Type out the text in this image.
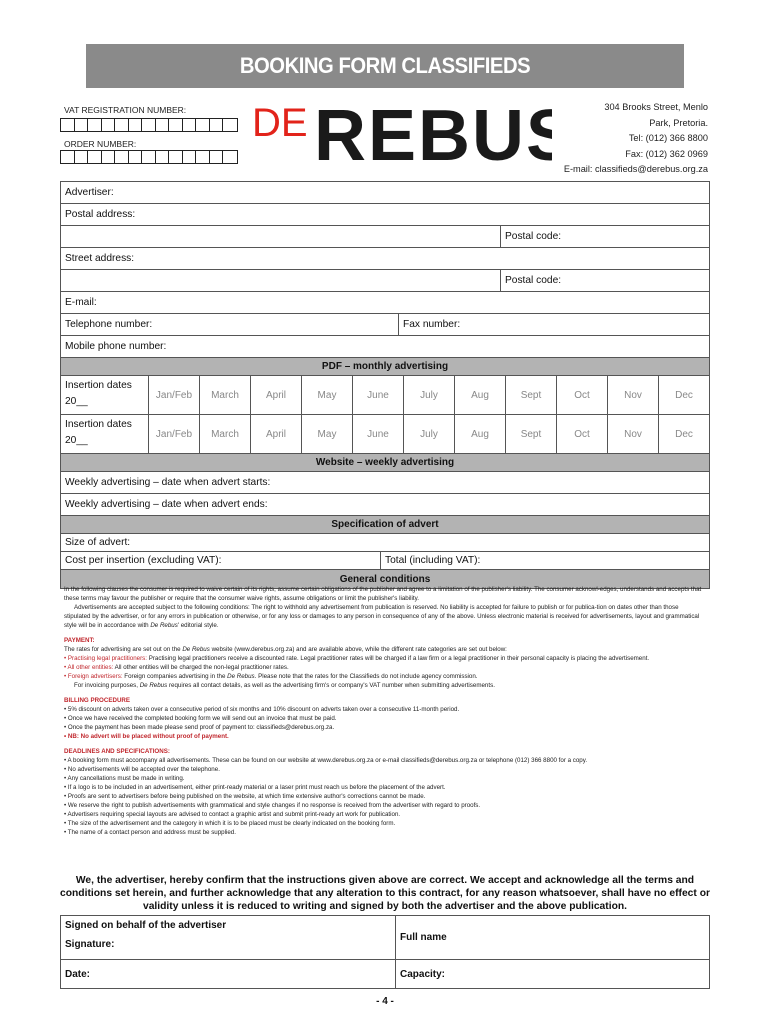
BOOKING FORM CLASSIFIEDS
VAT REGISTRATION NUMBER:
ORDER NUMBER:	DE REBUS	304 Brooks Street, Menlo
Park, Pretoria.
Tel: (012) 366 8800
Fax: (012) 362 0969
E-mail: classifieds@derebus.org.za
Advertiser:
Postal address:
Postal code:
Street address:
Postal code:
E-mail:
Telephone number:	Fax number:
Mobile phone number:
PDF – monthly advertising
Insertion dates
20__
Jan/Feb	March	April	May	June	July	Aug	Sept	Oct	Nov	Dec
Insertion dates
20__
Jan/Feb	March	April	May	June	July	Aug	Sept	Oct	Nov	Dec
Website – weekly advertising
Weekly advertising – date when advert starts:
Weekly advertising – date when advert ends:
Specification of advert
Size of advert:
Cost per insertion (excluding VAT):	Total (including VAT):
General conditions

In the following clauses the consumer is required to waive certain of its rights, assume certain obligations of the publisher and agree to a limitation of the publisher's liability. The consumer acknowl-edges, understands and accepts that these terms may favour the publisher or require that the consumer waive rights, assume obligations or limit the publisher's liability.

Advertisements are accepted subject to the following conditions: The right to withhold any advertisement from publication is reserved. No liability is accepted for failure to publish or for publica-tion on dates other than those stipulated by the advertiser, or for any errors in publication or otherwise, or for any loss or damages to any person in consequence of any of the above. Unless electronic material is received for advertisements, layout and grammatical style will be in accordance with De Rebus' editorial style.

PAYMENT:

The rates for advertising are set out on the De Rebus website (www.derebus.org.za) and are available above, while the different rate categories are set out below:

• Practising legal practitioners: Practising legal practitioners receive a discounted rate. Legal practitioner rates will be charged if a law firm or a legal practitioner in their personal capacity is placing the advertisement.

• All other entities: All other entities will be charged the non-legal practitioner rates.

• Foreign advertisers: Foreign companies advertising in the De Rebus. Please note that the rates for the Classifieds do not include agency commission.

For invoicing purposes, De Rebus requires all contact details, as well as the advertising firm's or company's VAT number when submitting advertisements.

BILLING PROCEDURE

• 5% discount on adverts taken over a consecutive period of six months and 10% discount on adverts taken over a consecutive 11-month period.

• Once we have received the completed booking form we will send out an invoice that must be paid.

• Once the payment has been made please send proof of payment to: classifieds@derebus.org.za.

• NB: No advert will be placed without proof of payment.

DEADLINES AND SPECIFICATIONS:

• A booking form must accompany all advertisements. These can be found on our website at www.derebus.org.za or e-mail classifieds@derebus.org.za or telephone (012) 366 8800 for a copy.

• No advertisements will be accepted over the telephone.

• Any cancellations must be made in writing.

• If a logo is to be included in an advertisement, either print-ready material or a laser print must reach us before the placement of the advert.

• Proofs are sent to advertisers before being published on the website, at which time extensive author's corrections cannot be made.

• We reserve the right to publish advertisements with grammatical and style changes if no response is received from the advertiser with regard to proofs.

• Advertisers requiring special layouts are advised to contact a graphic artist and submit print-ready art work for publication.

• The size of the advertisement and the category in which it is to be placed must be clearly indicated on the booking form.

• The name of a contact person and address must be supplied.

We, the advertiser, hereby confirm that the instructions given above are correct. We accept and acknowledge all the terms and conditions set herein, and further acknowledge that any alteration to this contract, for any reason whatsoever, shall have no effect or validity unless it is reduced to writing and signed by both the advertiser and the above publication.
Signed on behalf of the advertiser
Signature:
Full name
Date:	Capacity:
- 4 -
